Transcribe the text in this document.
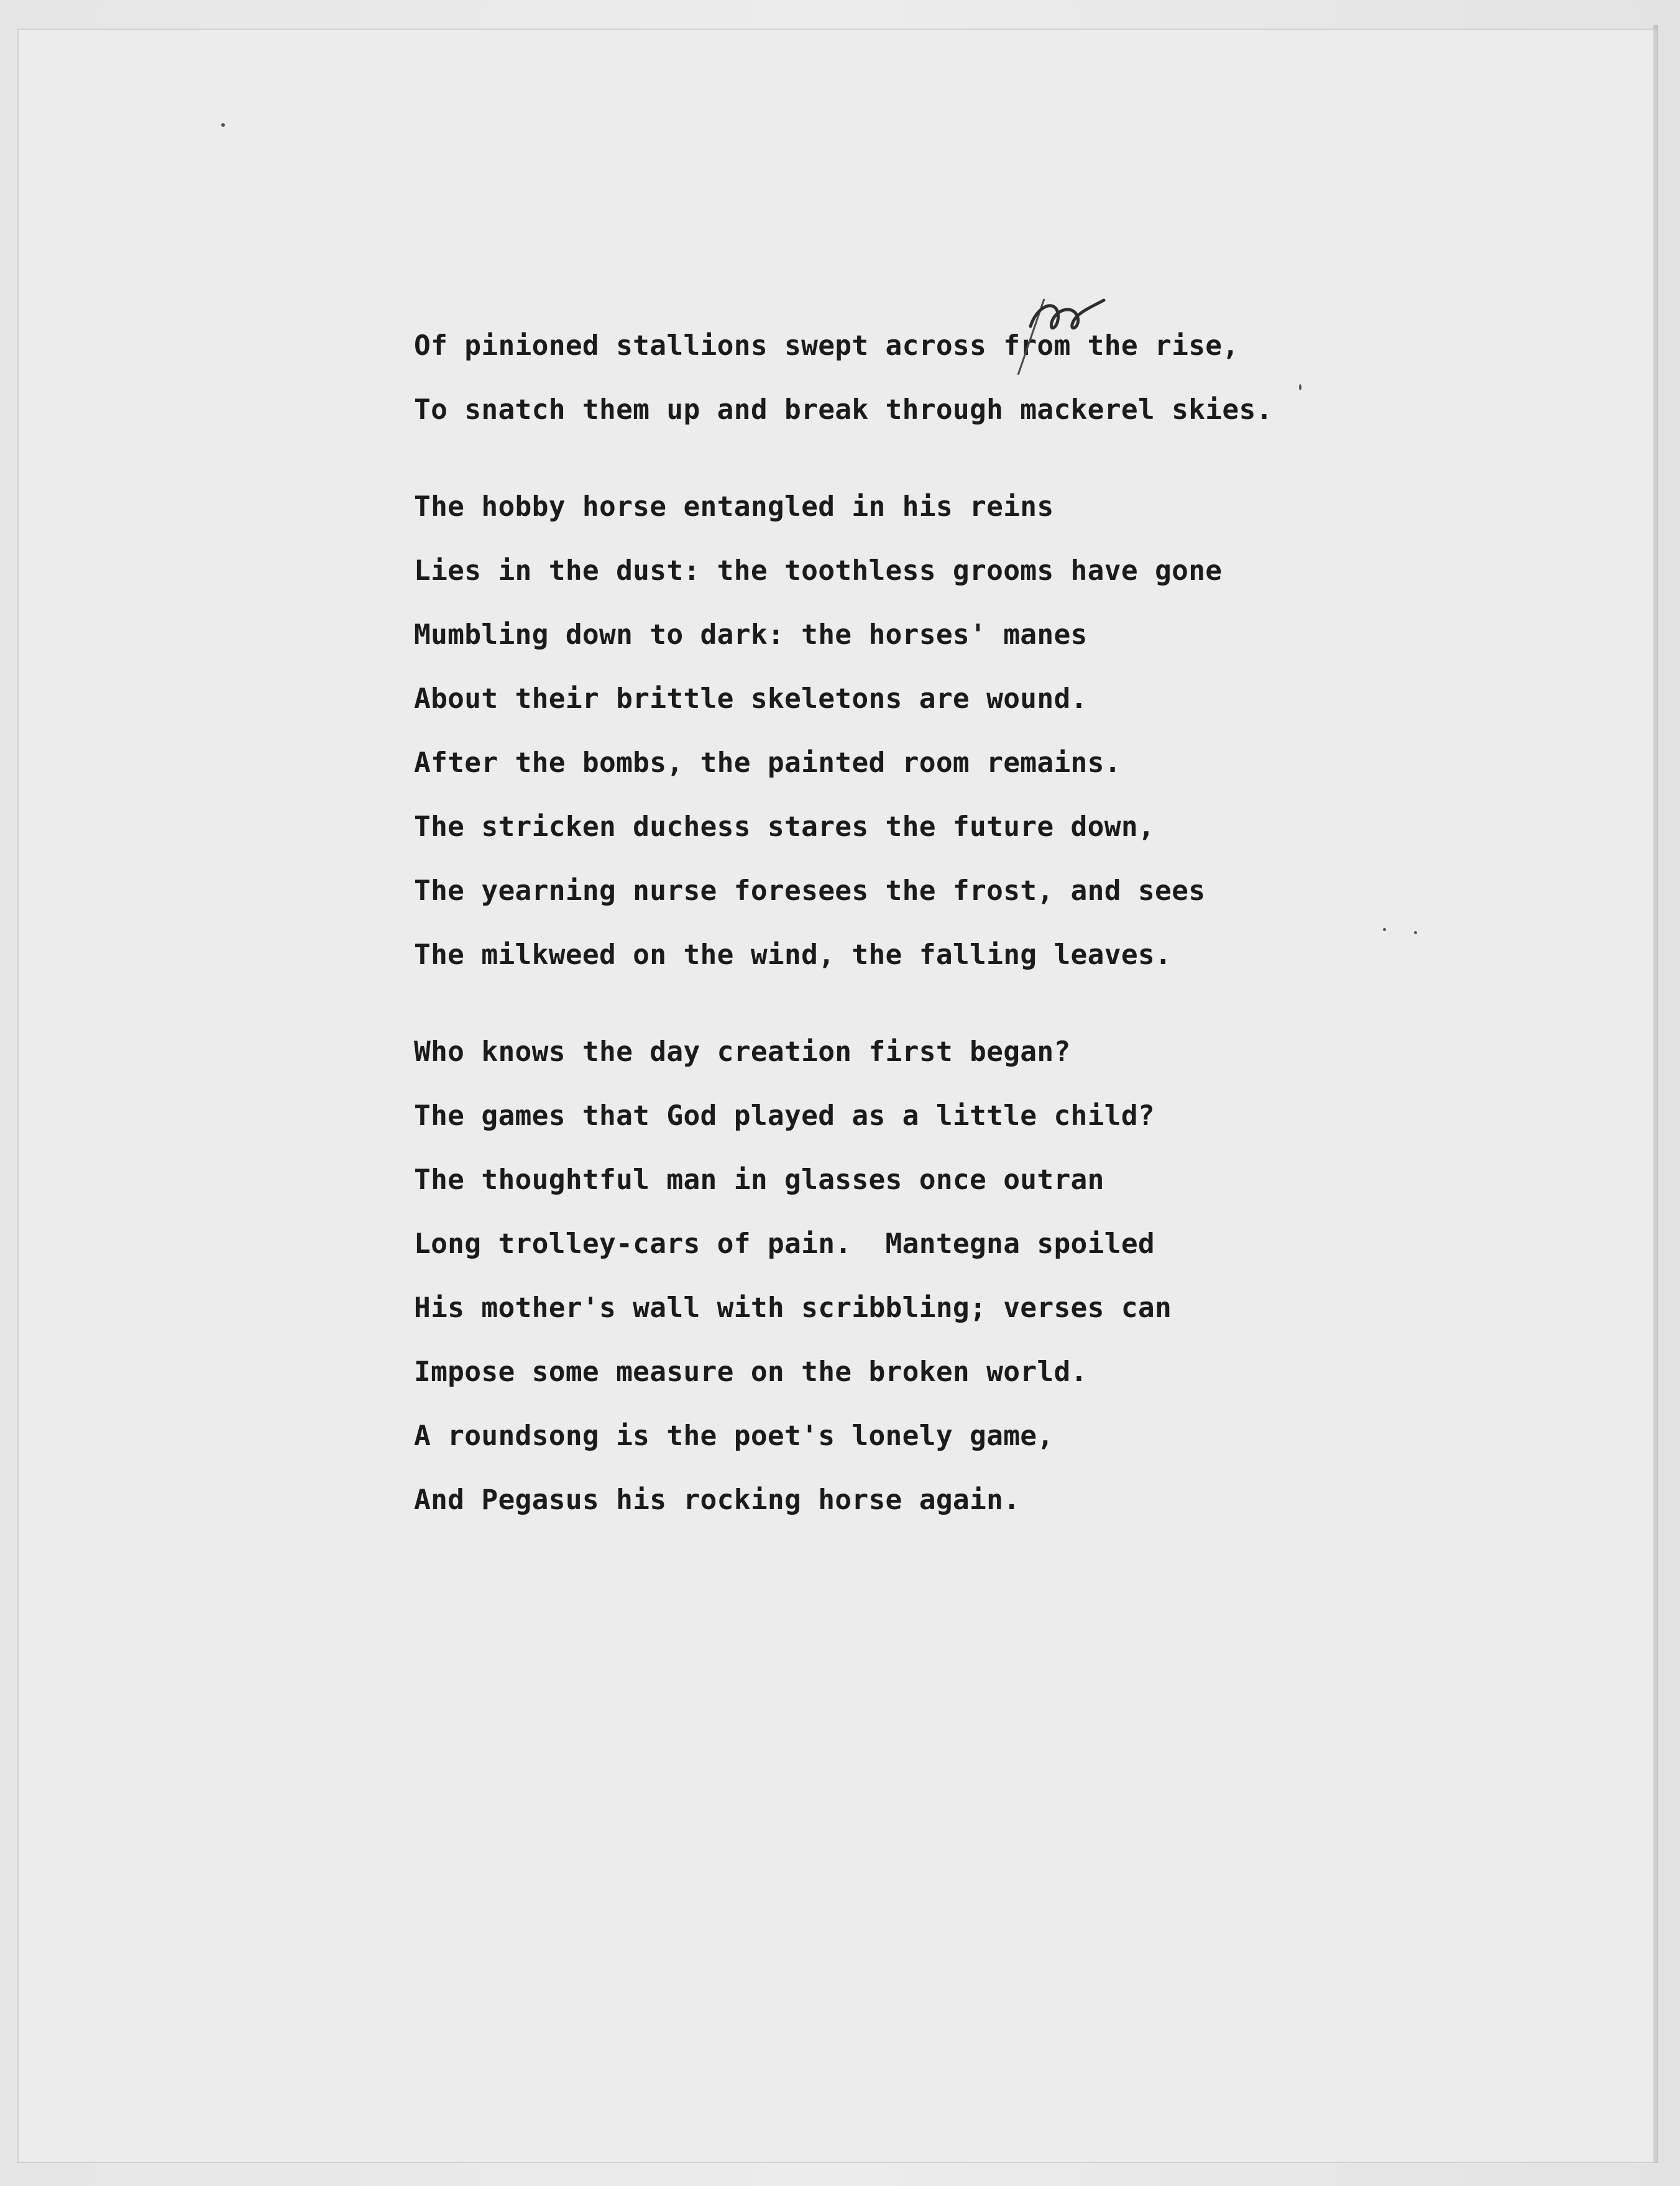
Of pinioned stallions swept across from
the rise,
To snatch them up and break through mackerel skies.
The hobby horse entangled in his reins
Lies in the dust: the toothless grooms have gone
Mumbling down to dark: the horses' manes
About their brittle skeletons are wound.
After the bombs, the painted room remains.
The stricken duchess stares the future down,
The yearning nurse foresees the frost, and sees
The milkweed on the wind, the falling leaves.
Who knows the day creation first began?
The games that God played as a little child?
The thoughtful man in glasses once outran
Long trolley-cars of pain.  Mantegna spoiled
His mother's wall with scribbling; verses can
Impose some measure on the broken world.
A roundsong is the poet's lonely game,
And Pegasus his rocking horse again.
